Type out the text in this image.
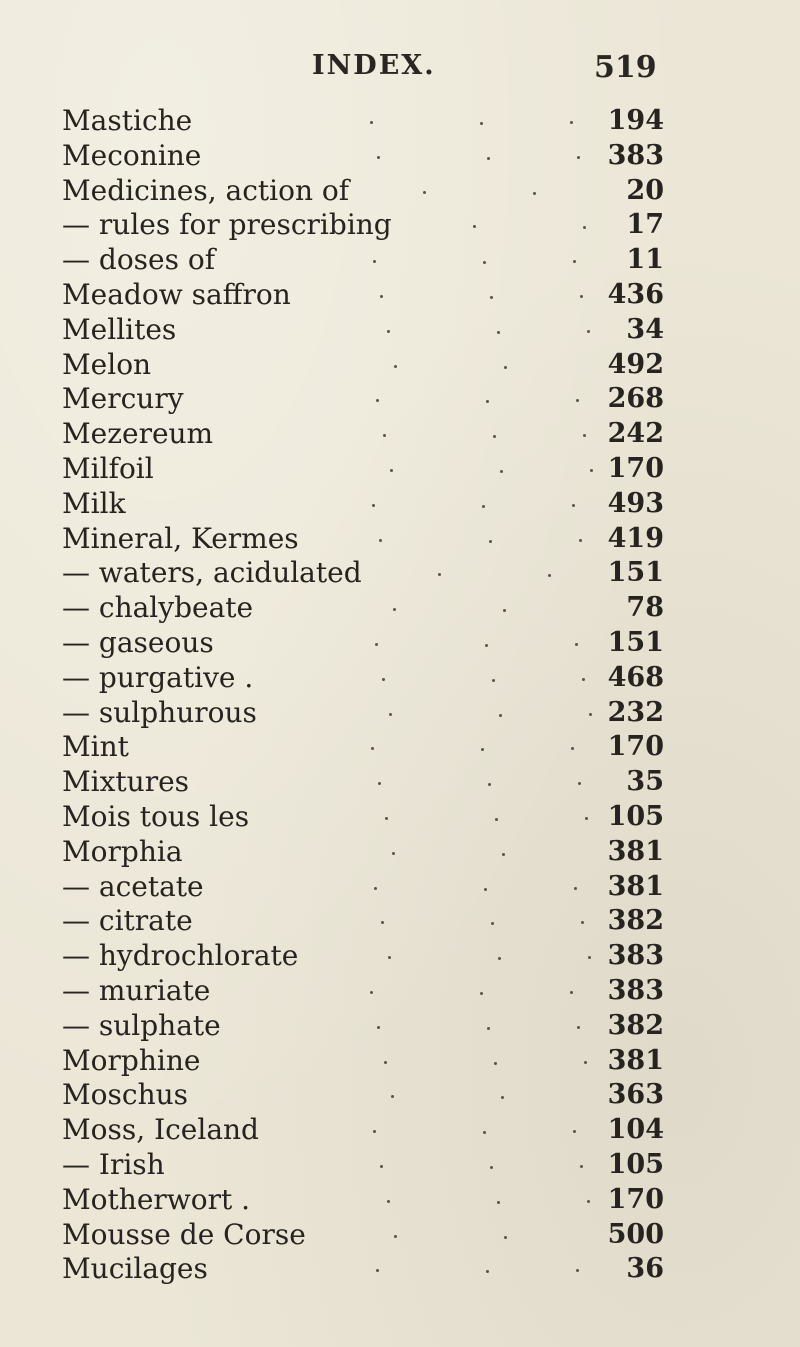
INDEX.	519
Mastiche	194
Meconine	383
Medicines, action of	20
— rules for prescribing	17
— doses of	11
Meadow saffron	436
Mellites	34
Melon	492
Mercury	268
Mezereum	242
Milfoil	170
Milk	493
Mineral, Kermes	419
— waters, acidulated	151
— chalybeate	78
— gaseous	151
— purgative .	468
— sulphurous	232
Mint	170
Mixtures	35
Mois tous les	105
Morphia	381
— acetate	381
— citrate	382
— hydrochlorate	383
— muriate	383
— sulphate	382
Morphine	381
Moschus	363
Moss, Iceland	104
— Irish	105
Motherwort .	170
Mousse de Corse	500
Mucilages	36
